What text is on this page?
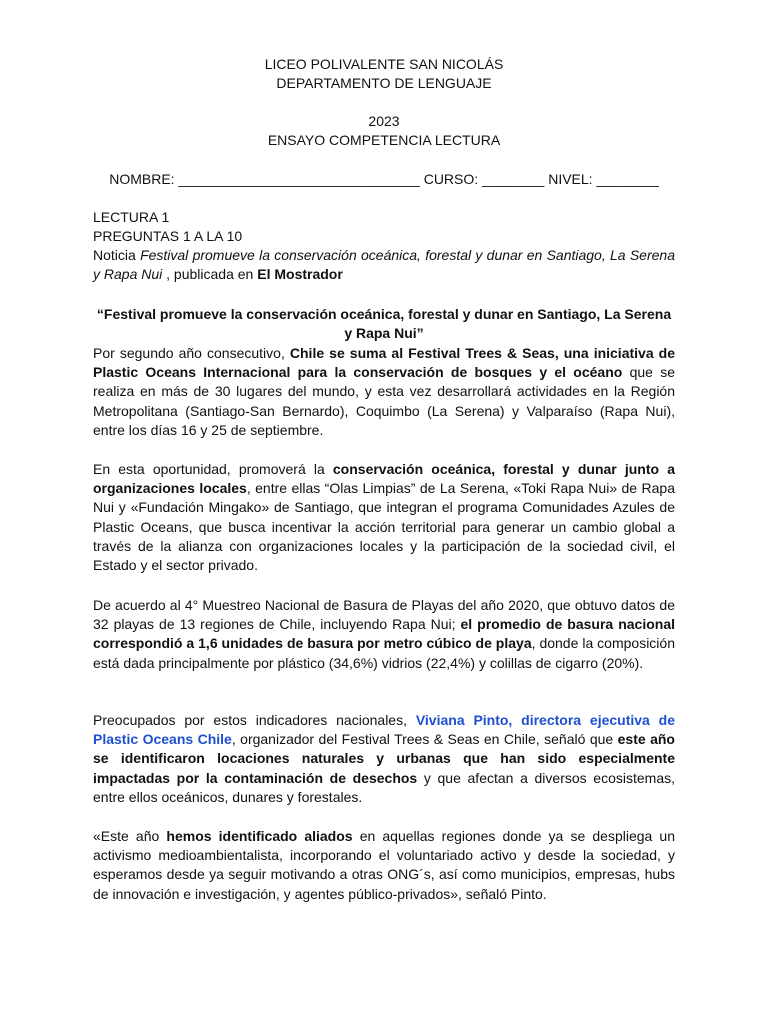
LICEO POLIVALENTE SAN NICOLÁS
DEPARTAMENTO DE LENGUAJE
2023
ENSAYO COMPETENCIA LECTURA
NOMBRE: _______________________________ CURSO: ________ NIVEL: ________
LECTURA 1
PREGUNTAS 1 A LA 10
Noticia Festival promueve la conservación oceánica, forestal y dunar en Santiago, La Serena y Rapa Nui , publicada en El Mostrador
“Festival promueve la conservación oceánica, forestal y dunar en Santiago, La Serena y Rapa Nui”
Por segundo año consecutivo, Chile se suma al Festival Trees & Seas, una iniciativa de Plastic Oceans Internacional para la conservación de bosques y el océano que se realiza en más de 30 lugares del mundo, y esta vez desarrollará actividades en la Región Metropolitana (Santiago-San Bernardo), Coquimbo (La Serena) y Valparaíso (Rapa Nui), entre los días 16 y 25 de septiembre.
En esta oportunidad, promoverá la conservación oceánica, forestal y dunar junto a organizaciones locales, entre ellas “Olas Limpias” de La Serena, «Toki Rapa Nui» de Rapa Nui y «Fundación Mingako» de Santiago, que integran el programa Comunidades Azules de Plastic Oceans, que busca incentivar la acción territorial para generar un cambio global a través de la alianza con organizaciones locales y la participación de la sociedad civil, el Estado y el sector privado.
De acuerdo al 4° Muestreo Nacional de Basura de Playas del año 2020, que obtuvo datos de 32 playas de 13 regiones de Chile, incluyendo Rapa Nui; el promedio de basura nacional correspondió a 1,6 unidades de basura por metro cúbico de playa, donde la composición está dada principalmente por plástico (34,6%) vidrios (22,4%) y colillas de cigarro (20%).
Preocupados por estos indicadores nacionales, Viviana Pinto, directora ejecutiva de Plastic Oceans Chile, organizador del Festival Trees & Seas en Chile, señaló que este año se identificaron locaciones naturales y urbanas que han sido especialmente impactadas por la contaminación de desechos y que afectan a diversos ecosistemas, entre ellos oceánicos, dunares y forestales.
«Este año hemos identificado aliados en aquellas regiones donde ya se despliega un activismo medioambientalista, incorporando el voluntariado activo y desde la sociedad, y esperamos desde ya seguir motivando a otras ONG´s, así como municipios, empresas, hubs de innovación e investigación, y agentes público-privados», señaló Pinto.
